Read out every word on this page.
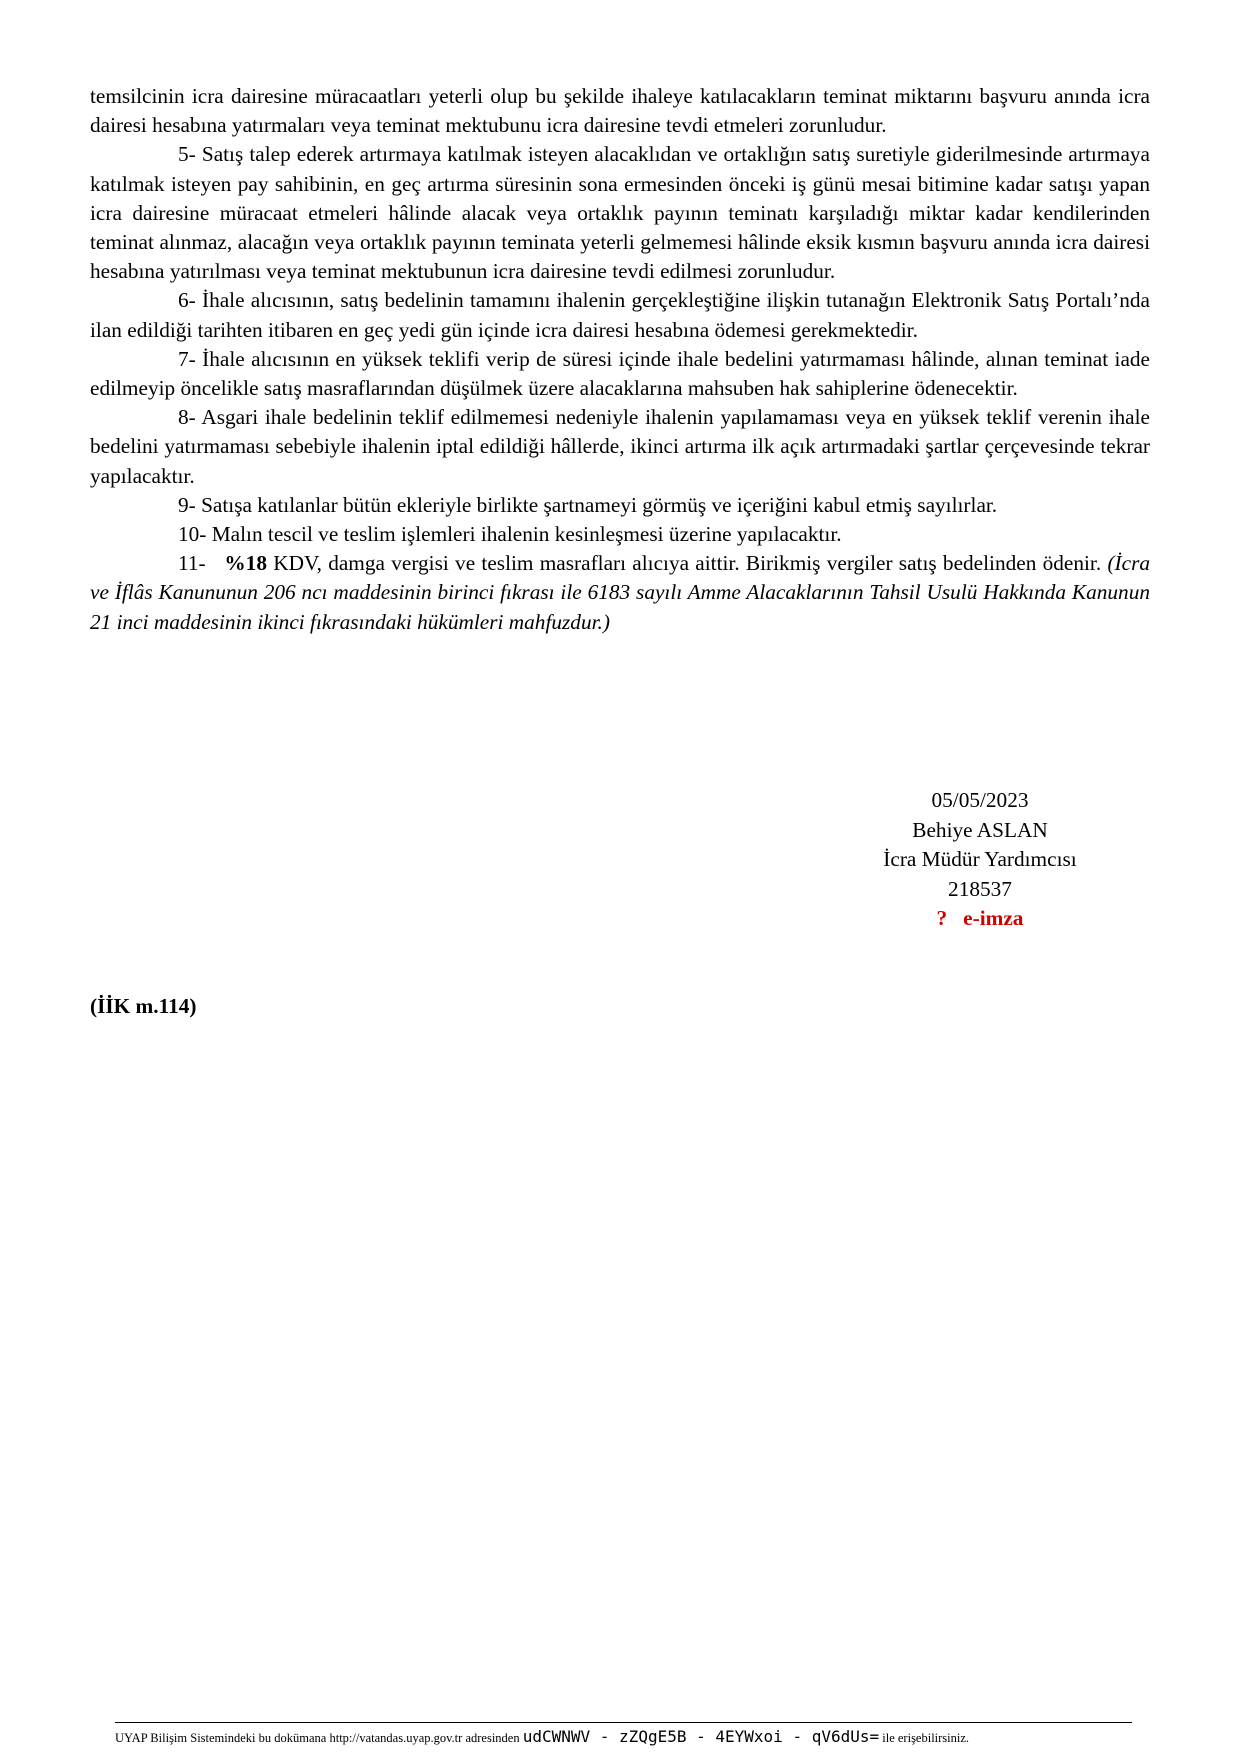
temsilcinin icra dairesine müracaatları yeterli olup bu şekilde ihaleye katılacakların teminat miktarını başvuru anında icra dairesi hesabına yatırmaları veya teminat mektubunu icra dairesine tevdi etmeleri zorunludur.

5- Satış talep ederek artırmaya katılmak isteyen alacaklıdan ve ortaklığın satış suretiyle giderilmesinde artırmaya katılmak isteyen pay sahibinin, en geç artırma süresinin sona ermesinden önceki iş günü mesai bitimine kadar satışı yapan icra dairesine müracaat etmeleri hâlinde alacak veya ortaklık payının teminatı karşıladığı miktar kadar kendilerinden teminat alınmaz, alacağın veya ortaklık payının teminata yeterli gelmemesi hâlinde eksik kısmın başvuru anında icra dairesi hesabına yatırılması veya teminat mektubunun icra dairesine tevdi edilmesi zorunludur.

6- İhale alıcısının, satış bedelinin tamamını ihalenin gerçekleştiğine ilişkin tutanağın Elektronik Satış Portalı’nda ilan edildiği tarihten itibaren en geç yedi gün içinde icra dairesi hesabına ödemesi gerekmektedir.

7- İhale alıcısının en yüksek teklifi verip de süresi içinde ihale bedelini yatırmaması hâlinde, alınan teminat iade edilmeyip öncelikle satış masraflarından düşülmek üzere alacaklarına mahsuben hak sahiplerine ödenecektir.

8- Asgari ihale bedelinin teklif edilmemesi nedeniyle ihalenin yapılamaması veya en yüksek teklif verenin ihale bedelini yatırmaması sebebiyle ihalenin iptal edildiği hâllerde, ikinci artırma ilk açık artırmadaki şartlar çerçevesinde tekrar yapılacaktır.

9- Satışa katılanlar bütün ekleriyle birlikte şartnameyi görmüş ve içeriğini kabul etmiş sayılırlar.

10- Malın tescil ve teslim işlemleri ihalenin kesinleşmesi üzerine yapılacaktır.

11- %18 KDV, damga vergisi ve teslim masrafları alıcıya aittir. Birikmiş vergiler satış bedelinden ödenir. (İcra ve İflâs Kanununun 206 ncı maddesinin birinci fıkrası ile 6183 sayılı Amme Alacaklarının Tahsil Usulü Hakkında Kanunun 21 inci maddesinin ikinci fıkrasındaki hükümleri mahfuzdur.)

05/05/2023
Behiye ASLAN
İcra Müdür Yardımcısı
218537
? e-imza
(İİK m.114)
UYAP Bilişim Sistemindeki bu dokümana http://vatandas.uyap.gov.tr adresinden udCWNWV - zZQgE5B - 4EYWxoi - qV6dUs= ile erişebilirsiniz.
